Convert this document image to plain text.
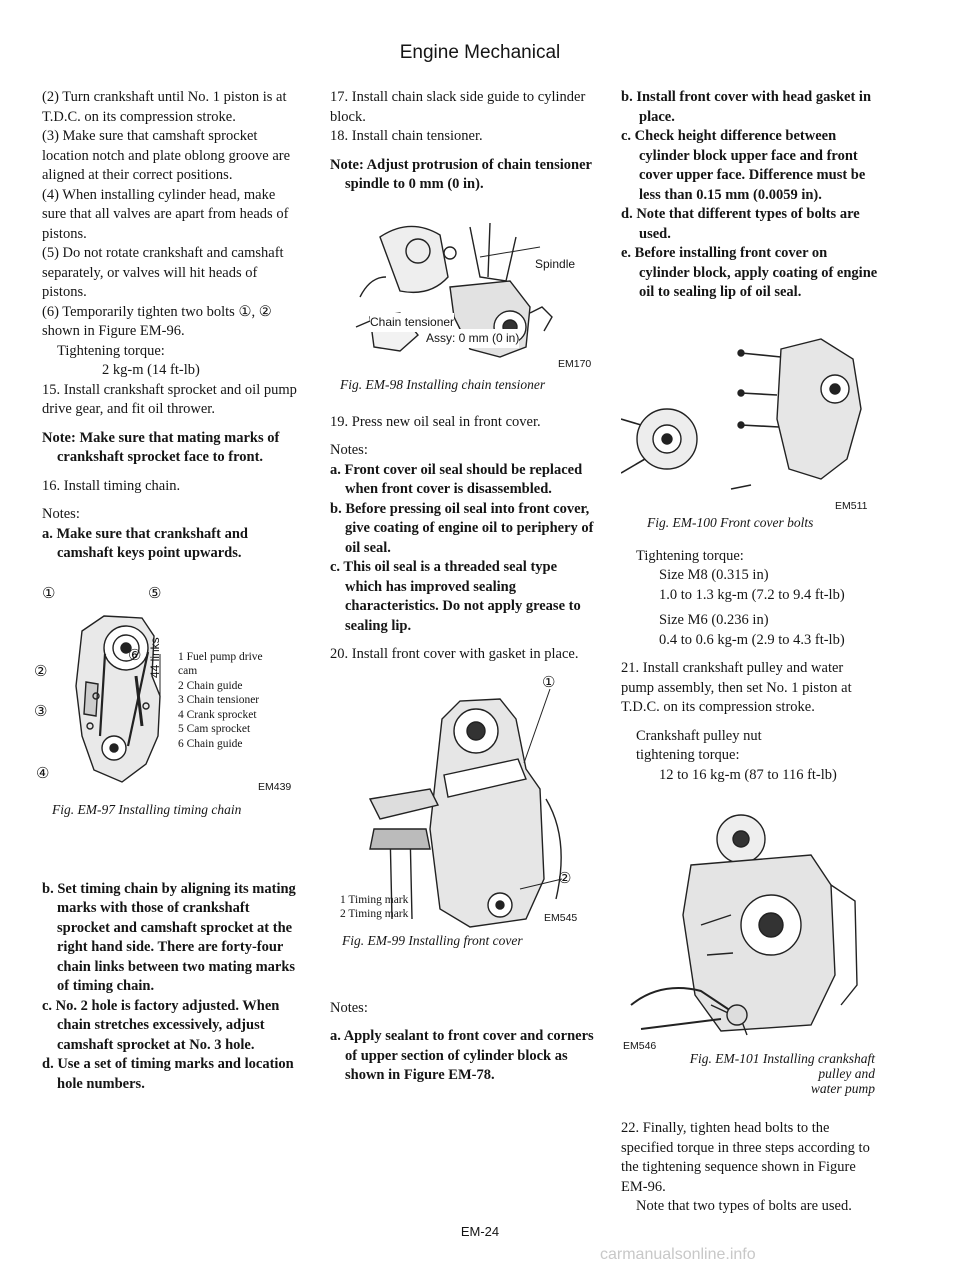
Engine Mechanical

(2) Turn crankshaft until No. 1 piston is at T.D.C. on its compression stroke.

(3) Make sure that camshaft sprocket location notch and plate oblong groove are aligned at their correct positions.

(4) When installing cylinder head, make sure that all valves are apart from heads of pistons.

(5) Do not rotate crankshaft and camshaft separately, or valves will hit heads of pistons.

(6) Temporarily tighten two bolts ①, ② shown in Figure EM-96.

Tightening torque:

2 kg-m (14 ft-lb)

15. Install crankshaft sprocket and oil pump drive gear, and fit oil thrower.

Note: Make sure that mating marks of crankshaft sprocket face to front.

16. Install timing chain.

Notes:

a. Make sure that crankshaft and camshaft keys point upwards.

①	⑤
⑥
②
③
④
44 links	1 Fuel pump drive
cam
2 Chain guide
3 Chain tensioner
4 Crank sprocket
5 Cam sprocket
6 Chain guide
EM439
Fig. EM-97 Installing timing chain

b. Set timing chain by aligning its mating marks with those of crankshaft sprocket and camshaft sprocket at the right hand side. There are forty-four chain links between two mating marks of timing chain.

c. No. 2 hole is factory adjusted. When chain stretches excessively, adjust camshaft sprocket at No. 3 hole.

d. Use a set of timing marks and location hole numbers.

17. Install chain slack side guide to cylinder block.

18. Install chain tensioner.

Note: Adjust protrusion of chain tensioner spindle to 0 mm (0 in).

Spindle
Chain tensioner
Assy: 0 mm (0 in)
EM170
Fig. EM-98 Installing chain tensioner

19. Press new oil seal in front cover.

Notes:

a. Front cover oil seal should be replaced when front cover is disassembled.

b. Before pressing oil seal into front cover, give coating of engine oil to periphery of oil seal.

c. This oil seal is a threaded seal type which has improved sealing characteristics. Do not apply grease to sealing lip.

20. Install front cover with gasket in place.

①
②
1 Timing mark
2 Timing mark	EM545
Fig. EM-99 Installing front cover

Notes:

a. Apply sealant to front cover and corners of upper section of cylinder block as shown in Figure EM-78.

b. Install front cover with head gasket in place.

c. Check height difference between cylinder block upper face and front cover upper face. Difference must be less than 0.15 mm (0.0059 in).

d. Note that different types of bolts are used.

e. Before installing front cover on cylinder block, apply coating of engine oil to sealing lip of oil seal.

EM511
Fig. EM-100 Front cover bolts

Tightening torque:

Size M8 (0.315 in)

1.0 to 1.3 kg-m (7.2 to 9.4 ft-lb)

Size M6 (0.236 in)

0.4 to 0.6 kg-m (2.9 to 4.3 ft-lb)

21. Install crankshaft pulley and water pump assembly, then set No. 1 piston at T.D.C. on its compression stroke.

Crankshaft pulley nut

tightening torque:

12 to 16 kg-m (87 to 116 ft-lb)

EM546
Fig. EM-101 Installing crankshaft
pulley and
water pump

22. Finally, tighten head bolts to the specified torque in three steps according to the tightening sequence shown in Figure EM-96.

Note that two types of bolts are used.

EM-24
carmanualsonline.info
